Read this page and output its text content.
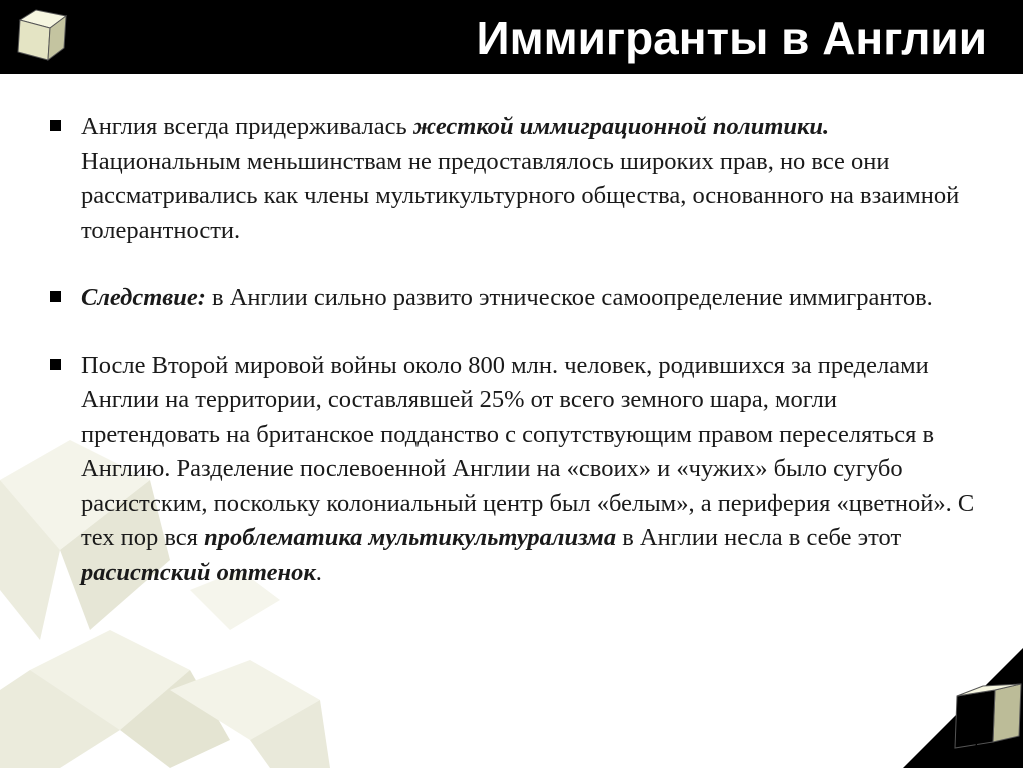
Иммигранты в Англии
7
Англия всегда придерживалась жесткой иммиграционной политики. Национальным меньшинствам не предоставлялось широких прав, но все они рассматривались как члены мультикультурного общества, основанного на взаимной толерантности.
Следствие: в Англии сильно развито этническое самоопределение иммигрантов.
После Второй мировой войны около 800 млн. человек, родившихся за пределами Англии на территории, составлявшей 25% от всего земного шара, могли претендовать на британское подданство с сопутствующим правом переселяться в Англию. Разделение послевоенной Англии на «своих» и «чужих» было сугубо расистским, поскольку колониальный центр был «белым», а периферия «цветной». С тех пор вся проблематика мультикультурализма в Англии несла в себе этот расистский оттенок.
